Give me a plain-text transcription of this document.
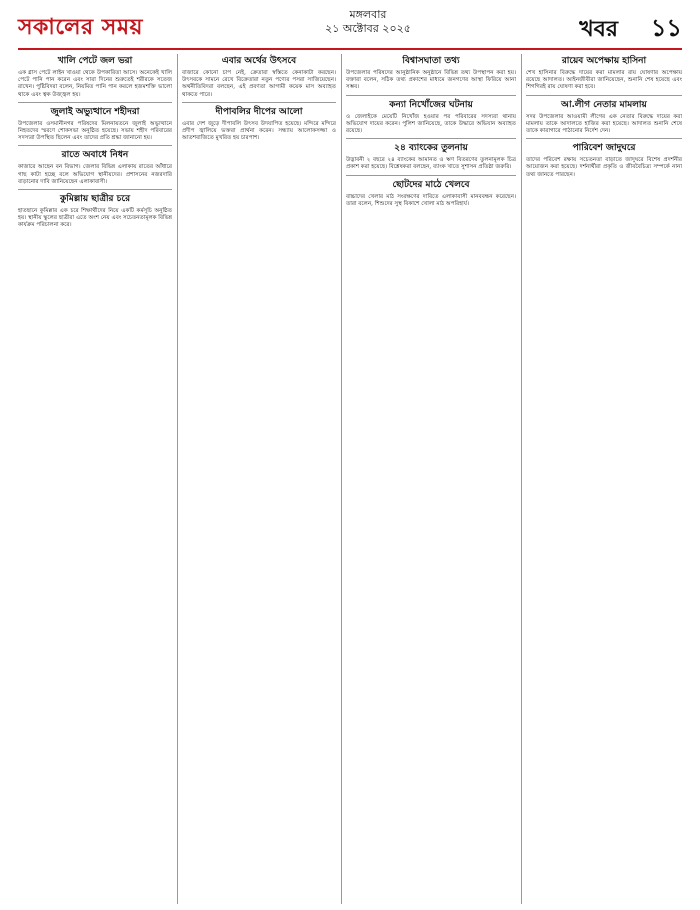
সকালের সময়
মঙ্গলবার
২১ অক্টোবর ২০২৫	খবর ১১
খালি পেটে জল ভরা

এক গ্লাস পেটে লাইন খাওয়া থেকে উপকারিতা আসে। অনেকেই খালি পেটে পানি পান করেন এবং সারা দিনের শুরুতেই শরীরকে সতেজ রাখেন। পুষ্টিবিদরা বলেন, নিয়মিত পানি পান করলে হজমশক্তি ভালো থাকে এবং ত্বক উজ্জ্বল হয়।

জুলাই অভ্যুত্থানে শহীদরা

উপজেলার ওসমানীনগর পরিষদের মিলনায়তনে জুলাই অভ্যুত্থানে নিহতদের স্মরণে শোকসভা অনুষ্ঠিত হয়েছে। সভায় শহীদ পরিবারের সদস্যরা উপস্থিত ছিলেন এবং তাদের প্রতি শ্রদ্ধা জানানো হয়।

রাতে অবাধে নিধন

কাজারে আছেন বন বিভাগ। জেলার বিভিন্ন এলাকায় রাতের আঁধারে গাছ কাটা হচ্ছে বলে অভিযোগ স্থানীয়দের। প্রশাসনের নজরদারি বাড়ানোর দাবি জানিয়েছেন এলাকাবাসী।

কুমিল্লায় ছাত্রীর চরে

হাতছানে কুমিল্লার এক চরে শিক্ষার্থীদের নিয়ে একটি কর্মসূচি অনুষ্ঠিত হয়। স্থানীয় স্কুলের ছাত্রীরা এতে অংশ নেয় এবং সচেতনতামূলক বিভিন্ন কার্যক্রম পরিচালনা করে।

এবার অর্থের উৎসবে

বাজারে কোনো চাপ নেই, ক্রেতারা স্বস্তিতে কেনাকাটা করছেন। উৎসবকে সামনে রেখে বিক্রেতারা নতুন পণ্যের পসরা সাজিয়েছেন। অর্থনীতিবিদরা বলছেন, এই প্রবণতা আগামী কয়েক মাস অব্যাহত থাকতে পারে।

দীপাবলির দীপের আলো

এবার দেশ জুড়ে দীপাবলি উৎসব উদযাপিত হয়েছে। মন্দিরে মন্দিরে প্রদীপ জ্বালিয়ে ভক্তরা প্রার্থনা করেন। সন্ধ্যায় আলোকসজ্জা ও আতশবাজিতে মুখরিত হয় চারপাশ।

বিশ্বাসঘাতা তথ্য

উপজেলার পরিষদের আনুষ্ঠানিক অনুষ্ঠানে বিভিন্ন তথ্য উপস্থাপন করা হয়। বক্তারা বলেন, সঠিক তথ্য প্রকাশের মাধ্যমে জনগণের আস্থা ফিরিয়ে আনা সম্ভব।

কন্যা নিখোঁজের ঘটনায়

ও জেলাইকে মেয়েটি নিখোঁজ হওয়ার পর পরিবারের সদস্যরা থানায় অভিযোগ দায়ের করেন। পুলিশ জানিয়েছে, তাকে উদ্ধারে অভিযান অব্যাহত রয়েছে।

২৪ ব্যাংকের তুলনায়

উদ্ভাবনী ২ বছরে ২৪ ব্যাংকের আমানত ও ঋণ বিতরণের তুলনামূলক চিত্র প্রকাশ করা হয়েছে। বিশ্লেষকরা বলছেন, ব্যাংক খাতে সুশাসন প্রতিষ্ঠা জরুরি।

ছোটদের মাঠে খেলবে

বাচ্চাদের খেলার মাঠ সংরক্ষণের দাবিতে এলাকাবাসী মানববন্ধন করেছেন। তারা বলেন, শিশুদের সুস্থ বিকাশে খোলা মাঠ অপরিহার্য।

রায়েব অপেক্ষায় হাসিনা

শেখ হাসিনার বিরুদ্ধে দায়ের করা মামলার রায় ঘোষণার অপেক্ষায় রয়েছে আদালত। আইনজীবীরা জানিয়েছেন, শুনানি শেষ হয়েছে এবং শিগগিরই রায় ঘোষণা করা হবে।

আ.লীগ নেতার মামলায়

সদর উপজেলার আওয়ামী লীগের এক নেতার বিরুদ্ধে দায়ের করা মামলায় তাকে আদালতে হাজির করা হয়েছে। আদালত শুনানি শেষে তাকে কারাগারে পাঠানোর নির্দেশ দেন।

পারিবেশ জাদুঘরে

তাদের পরিবেশ রক্ষায় সচেতনতা বাড়াতে জাদুঘরে বিশেষ প্রদর্শনীর আয়োজন করা হয়েছে। দর্শনার্থীরা প্রকৃতি ও জীববৈচিত্র্য সম্পর্কে নানা তথ্য জানতে পারছেন।
